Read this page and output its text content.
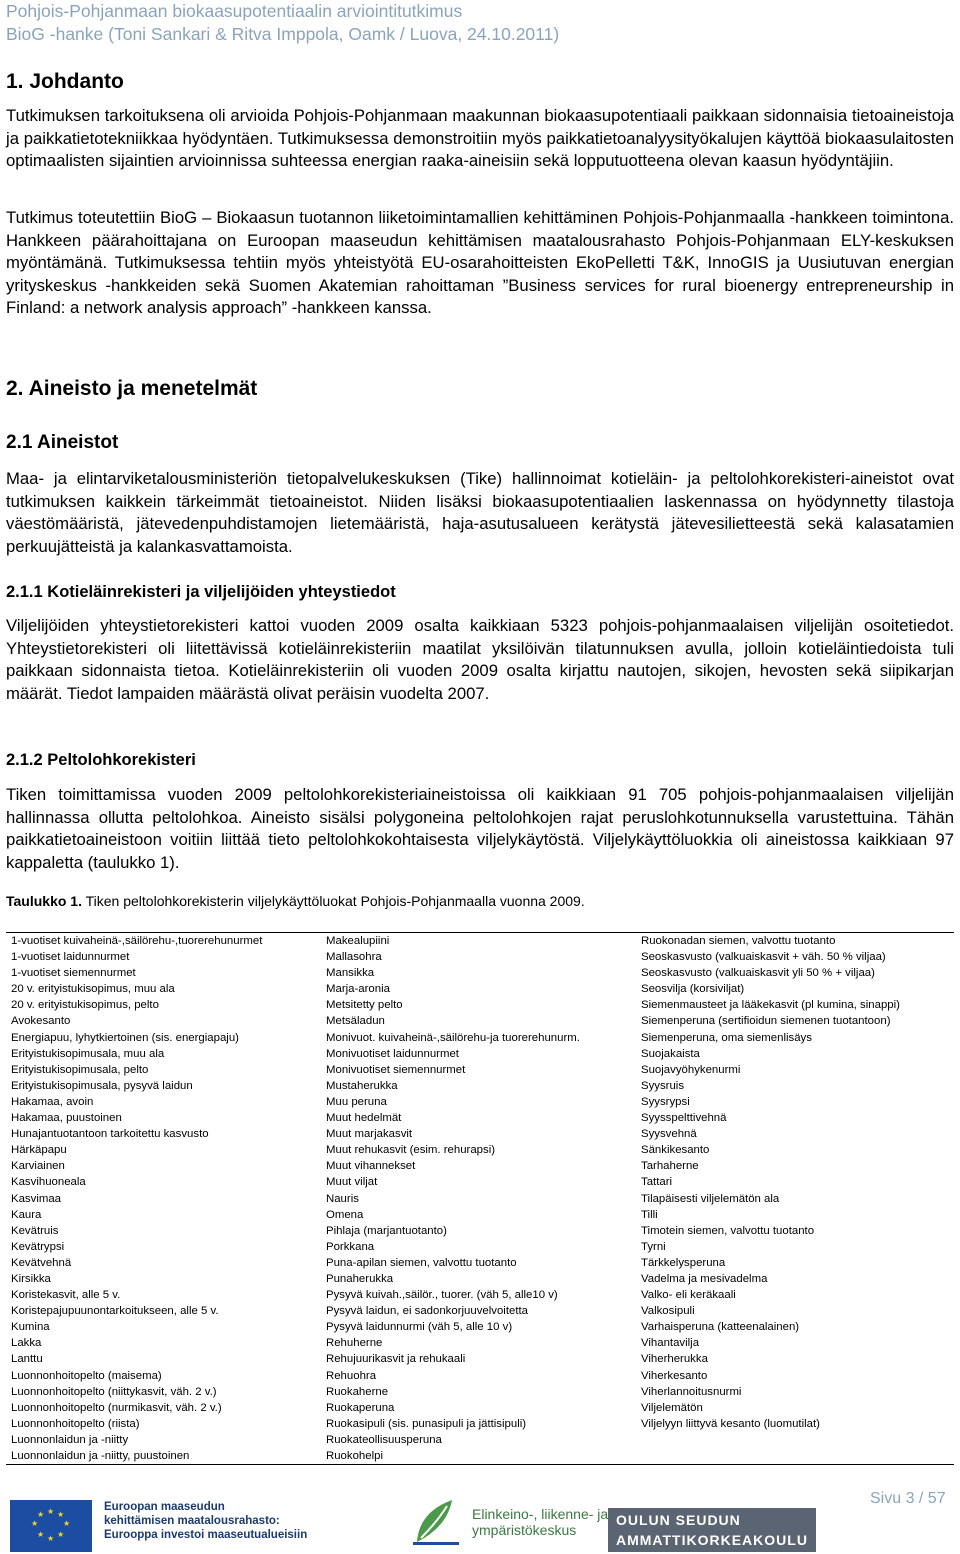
Pohjois-Pohjanmaan biokaasupotentiaalin arviointitutkimus
BioG -hanke (Toni Sankari & Ritva Imppola, Oamk / Luova, 24.10.2011)
1. Johdanto
Tutkimuksen tarkoituksena oli arvioida Pohjois-Pohjanmaan maakunnan biokaasupotentiaali paikkaan sidonnaisia tietoaineistoja ja paikkatietotekniikkaa hyödyntäen. Tutkimuksessa demonstroitiin myös paikkatietoanalyysityökalujen käyttöä biokaasulaitosten optimaalisten sijaintien arvioinnissa suhteessa energian raaka-aineisiin sekä lopputuotteena olevan kaasun hyödyntäjiin.
Tutkimus toteutettiin BioG – Biokaasun tuotannon liiketoimintamallien kehittäminen Pohjois-Pohjanmaalla -hankkeen toimintona. Hankkeen päärahoittajana on Euroopan maaseudun kehittämisen maatalousrahasto Pohjois-Pohjanmaan ELY-keskuksen myöntämänä. Tutkimuksessa tehtiin myös yhteistyötä EU-osarahoitteisten EkoPelletti T&K, InnoGIS ja Uusiutuvan energian yrityskeskus -hankkeiden sekä Suomen Akatemian rahoittaman ”Business services for rural bioenergy entrepreneurship in Finland: a network analysis approach” -hankkeen kanssa.
2. Aineisto ja menetelmät
2.1 Aineistot
Maa- ja elintarviketalousministeriön tietopalvelukeskuksen (Tike) hallinnoimat kotieläin- ja peltolohkorekisteri-aineistot ovat tutkimuksen kaikkein tärkeimmät tietoaineistot. Niiden lisäksi biokaasupotentiaalien laskennassa on hyödynnetty tilastoja väestömääristä, jätevedenpuhdistamojen lietemääristä, haja-asutusalueen kerätystä jätevesilietteestä sekä kalasatamien perkuujätteistä ja kalankasvattamoista.
2.1.1 Kotieläinrekisteri ja viljelijöiden yhteystiedot
Viljelijöiden yhteystietorekisteri kattoi vuoden 2009 osalta kaikkiaan 5323 pohjois-pohjanmaalaisen viljelijän osoitetiedot. Yhteystietorekisteri oli liitettävissä kotieläinrekisteriin maatilat yksilöivän tilatunnuksen avulla, jolloin kotieläintiedoista tuli paikkaan sidonnaista tietoa. Kotieläinrekisteriin oli vuoden 2009 osalta kirjattu nautojen, sikojen, hevosten sekä siipikarjan määrät. Tiedot lampaiden määrästä olivat peräisin vuodelta 2007.
2.1.2 Peltolohkorekisteri
Tiken toimittamissa vuoden 2009 peltolohkorekisteriaineistoissa oli kaikkiaan 91 705 pohjois-pohjanmaalaisen viljelijän hallinnassa ollutta peltolohkoa. Aineisto sisälsi polygoneina peltolohkojen rajat peruslohkotunnuksella varustettuina. Tähän paikkatietoaineistoon voitiin liittää tieto peltolohkokohtaisesta viljelykäytöstä. Viljelykäyttöluokkia oli aineistossa kaikkiaan 97 kappaletta (taulukko 1).
Taulukko 1. Tiken peltolohkorekisterin viljelykäyttöluokat Pohjois-Pohjanmaalla vuonna 2009.
1-vuotiset kuivaheinä-,säilörehu-,tuorerehunurmet	Makealupiini	Ruokonadan siemen, valvottu tuotanto
1-vuotiset laidunnurmet	Mallasohra	Seoskasvusto (valkuaiskasvit + väh. 50 % viljaa)
1-vuotiset siemennurmet	Mansikka	Seoskasvusto (valkuaiskasvit yli 50 % + viljaa)
20 v. erityistukisopimus, muu ala	Marja-aronia	Seosvilja (korsiviljat)
20 v. erityistukisopimus, pelto	Metsitetty pelto	Siemenmausteet ja lääkekasvit (pl kumina, sinappi)
Avokesanto	Metsäladun	Siemenperuna (sertifioidun siemenen tuotantoon)
Energiapuu, lyhytkiertoinen (sis. energiapaju)	Monivuot. kuivaheinä-,säilörehu-ja tuorerehunurm.	Siemenperuna, oma siemenlisäys
Erityistukisopimusala, muu ala	Monivuotiset laidunnurmet	Suojakaista
Erityistukisopimusala, pelto	Monivuotiset siemennurmet	Suojavyöhykenurmi
Erityistukisopimusala, pysyvä laidun	Mustaherukka	Syysruis
Hakamaa, avoin	Muu peruna	Syysrypsi
Hakamaa, puustoinen	Muut hedelmät	Syysspelttivehnä
Hunajantuotantoon tarkoitettu kasvusto	Muut marjakasvit	Syysvehnä
Härkäpapu	Muut rehukasvit (esim. rehurapsi)	Sänkikesanto
Karviainen	Muut vihannekset	Tarhaherne
Kasvihuoneala	Muut viljat	Tattari
Kasvimaa	Nauris	Tilapäisesti viljelemätön ala
Kaura	Omena	Tilli
Kevätruis	Pihlaja (marjantuotanto)	Timotein siemen, valvottu tuotanto
Kevätrypsi	Porkkana	Tyrni
Kevätvehnä	Puna-apilan siemen, valvottu tuotanto	Tärkkelysperuna
Kirsikka	Punaherukka	Vadelma ja mesivadelma
Koristekasvit, alle 5 v.	Pysyvä kuivah.,säilör., tuorer. (väh 5, alle10 v)	Valko- eli keräkaali
Koristepajupuunontarkoitukseen, alle 5 v.	Pysyvä laidun, ei sadonkorjuuvelvoitetta	Valkosipuli
Kumina	Pysyvä laidunnurmi (väh 5, alle 10 v)	Varhaisperuna (katteenalainen)
Lakka	Rehuherne	Vihantavilja
Lanttu	Rehujuurikasvit ja rehukaali	Viherherukka
Luonnonhoitopelto (maisema)	Rehuohra	Viherkesanto
Luonnonhoitopelto (niittykasvit, väh. 2 v.)	Ruokaherne	Viherlannoitusnurmi
Luonnonhoitopelto (nurmikasvit, väh. 2 v.)	Ruokaperuna	Viljelemätön
Luonnonhoitopelto (riista)	Ruokasipuli (sis. punasipuli ja jättisipuli)	Viljelyyn liittyvä kesanto (luomutilat)
Luonnonlaidun ja -niitty	Ruokateollisuusperuna	
Luonnonlaidun ja -niitty, puustoinen	Ruokohelpi	
★ ★
★
★
★
★
★
★
Euroopan maaseudun
kehittämisen maatalousrahasto:
Eurooppa investoi maaseutualueisiin
Elinkeino-, liikenne- ja
ympäristökeskus
OULUN SEUDUN
AMMATTIKORKEAKOULU
Sivu 3 / 57
